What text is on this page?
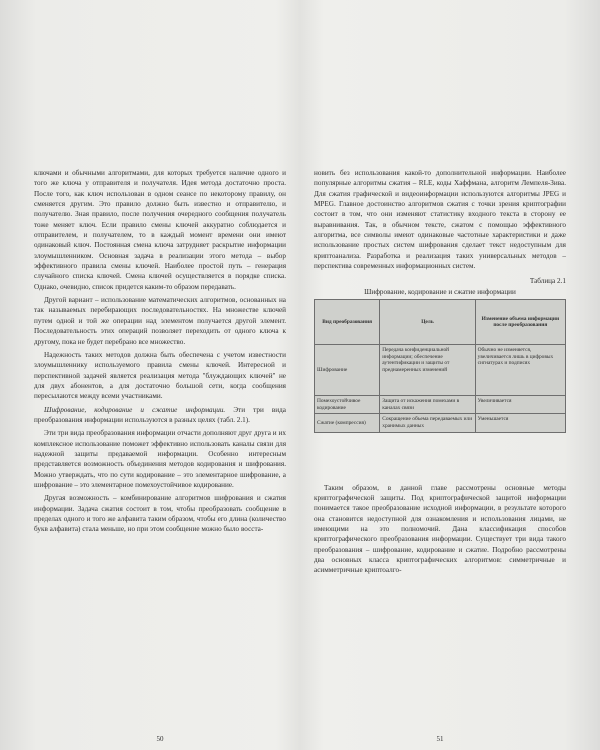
ключами и обычными алгоритмами, для которых требуется наличие одного и того же ключа у отправителя и получателя. Идея метода достаточно проста. После того, как ключ использован в одном сеансе по некоторому правилу, он сменяется другим. Это правило должно быть известно и отправителю, и получателю. Зная правило, после получения очередного сообщения получатель тоже меняет ключ. Если правило смены ключей аккуратно соблюдается и отправителем, и получателем, то в каждый момент времени они имеют одинаковый ключ. Постоянная смена ключа затрудняет раскрытие информации злоумышленником. Основная задача в реализации этого метода – выбор эффективного правила смены ключей. Наиболее простой путь – генерация случайного списка ключей. Смена ключей осуществляется в порядке списка. Однако, очевидно, список придется каким-то образом передавать.

Другой вариант – использование математических алгоритмов, основанных на так называемых перебирающих последовательностях. На множестве ключей путем одной и той же операции над элементом получается другой элемент. Последовательность этих операций позволяет переходить от одного ключа к другому, пока не будет перебрано все множество.

Надежность таких методов должна быть обеспечена с учетом известности злоумышленнику используемого правила смены ключей. Интересной и перспективной задачей является реализация метода "блуждающих ключей" не для двух абонентов, а для достаточно большой сети, когда сообщения пересылаются между всеми участниками.

Шифрование, кодирование и сжатие информации. Эти три вида преобразования информации используются в разных целях (табл. 2.1).

Эти три вида преобразования информации отчасти дополняют друг друга и их комплексное использование поможет эффективно использовать каналы связи для надежной защиты предаваемой информации. Особенно интересным представляется возможность объединения методов кодирования и шифрования. Можно утверждать, что по сути кодирование – это элементарное шифрование, а шифрование – это элементарное помехоустойчивое кодирование.

Другая возможность – комбинирование алгоритмов шифрования и сжатия информации. Задача сжатия состоит в том, чтобы преобразовать сообщение в пределах одного и того же алфавита таким образом, чтобы его длина (количество букв алфавита) стала меньше, но при этом сообщение можно было восста-

50

новить без использования какой-то дополнительной информации. Наиболее популярные алгоритмы сжатия – RLE, коды Хаффмана, алгоритм Лемпеля-Зива. Для сжатия графической и видеоинформации используются алгоритмы JPEG и MPEG. Главное достоинство алгоритмов сжатия с точки зрения криптографии состоит в том, что они изменяют статистику входного текста в сторону ее выравнивания. Так, в обычном тексте, сжатом с помощью эффективного алгоритма, все символы имеют одинаковые частотные характеристики и даже использование простых систем шифрования сделает текст недоступным для криптоанализа. Разработка и реализация таких универсальных методов – перспектива современных информационных систем.

Таблица 2.1

Шифрование, кодирование и сжатие информации

Вид преобразования	Цель	Изменение объема информации после преобразования
Шифрование	Передача конфиденциальной информации; обеспечение аутентификации и защиты от преднамеренных изменений	Обычно не изменяется, увеличивается лишь в цифровых сигнатурах и подписях
Помехоустойчивое кодирование	Защита от искажения помехами в каналах связи	Увеличивается
Сжатие (компрессия)	Сокращение объема передаваемых или хранимых данных	Уменьшается

Таким образом, в данной главе рассмотрены основные методы криптографической защиты. Под криптографической защитой информации понимается такое преобразование исходной информации, в результате которого она становится недоступной для ознакомления и использования лицами, не имеющими на это полномочий. Дана классификация способов криптографического преобразования информации. Существует три вида такого преобразования – шифрование, кодирование и сжатие. Подробно рассмотрены два основных класса криптографических алгоритмов: симметричные и асимметричные криптоалго-

51
